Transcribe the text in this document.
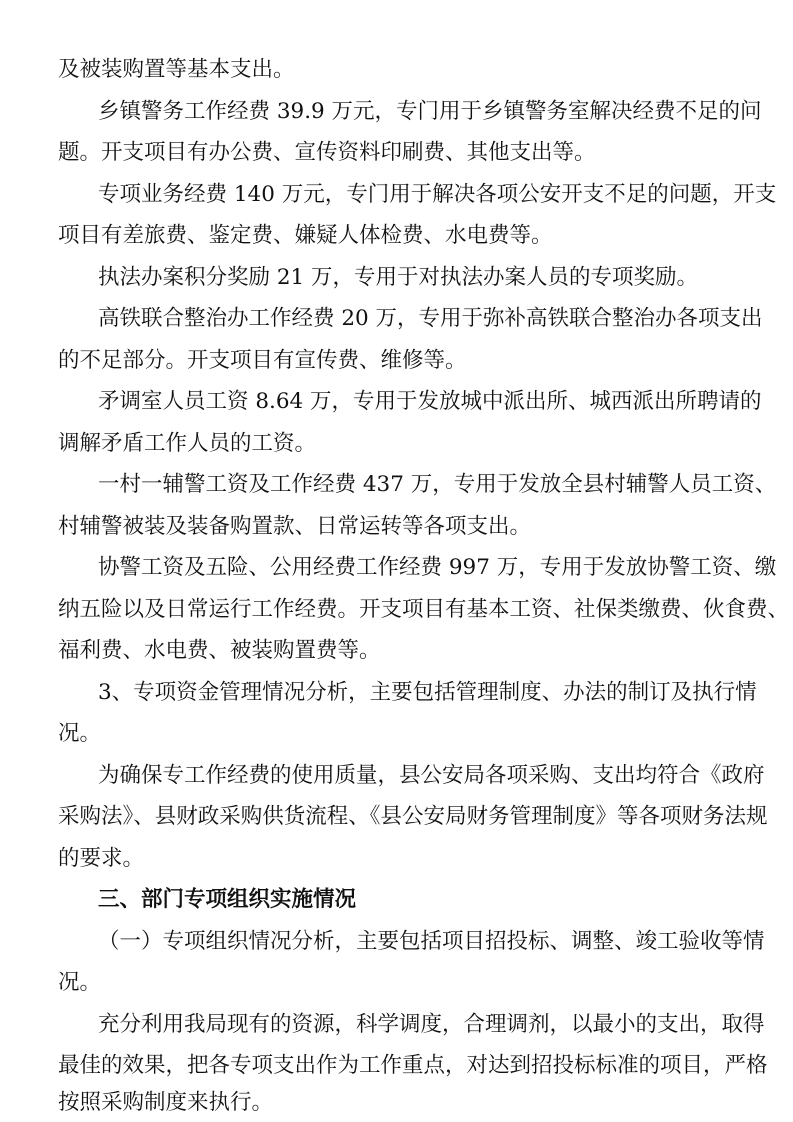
及被装购置等基本支出。
乡镇警务工作经费 39.9 万元，专门用于乡镇警务室解决经费不足的问
题。开支项目有办公费、宣传资料印刷费、其他支出等。
专项业务经费 140 万元，专门用于解决各项公安开支不足的问题，开支
项目有差旅费、鉴定费、嫌疑人体检费、水电费等。
执法办案积分奖励 21 万，专用于对执法办案人员的专项奖励。
高铁联合整治办工作经费 20 万，专用于弥补高铁联合整治办各项支出
的不足部分。开支项目有宣传费、维修等。
矛调室人员工资 8.64 万，专用于发放城中派出所、城西派出所聘请的
调解矛盾工作人员的工资。
一村一辅警工资及工作经费 437 万，专用于发放全县村辅警人员工资、
村辅警被装及装备购置款、日常运转等各项支出。
协警工资及五险、公用经费工作经费 997 万，专用于发放协警工资、缴
纳五险以及日常运行工作经费。开支项目有基本工资、社保类缴费、伙食费、
福利费、水电费、被装购置费等。
3、专项资金管理情况分析，主要包括管理制度、办法的制订及执行情
况。
为确保专工作经费的使用质量，县公安局各项采购、支出均符合《政府
采购法》、县财政采购供货流程、《县公安局财务管理制度》等各项财务法规
的要求。
三、部门专项组织实施情况
（一）专项组织情况分析，主要包括项目招投标、调整、竣工验收等情
况。
充分利用我局现有的资源，科学调度，合理调剂，以最小的支出，取得
最佳的效果，把各专项支出作为工作重点，对达到招投标标准的项目，严格
按照采购制度来执行。
